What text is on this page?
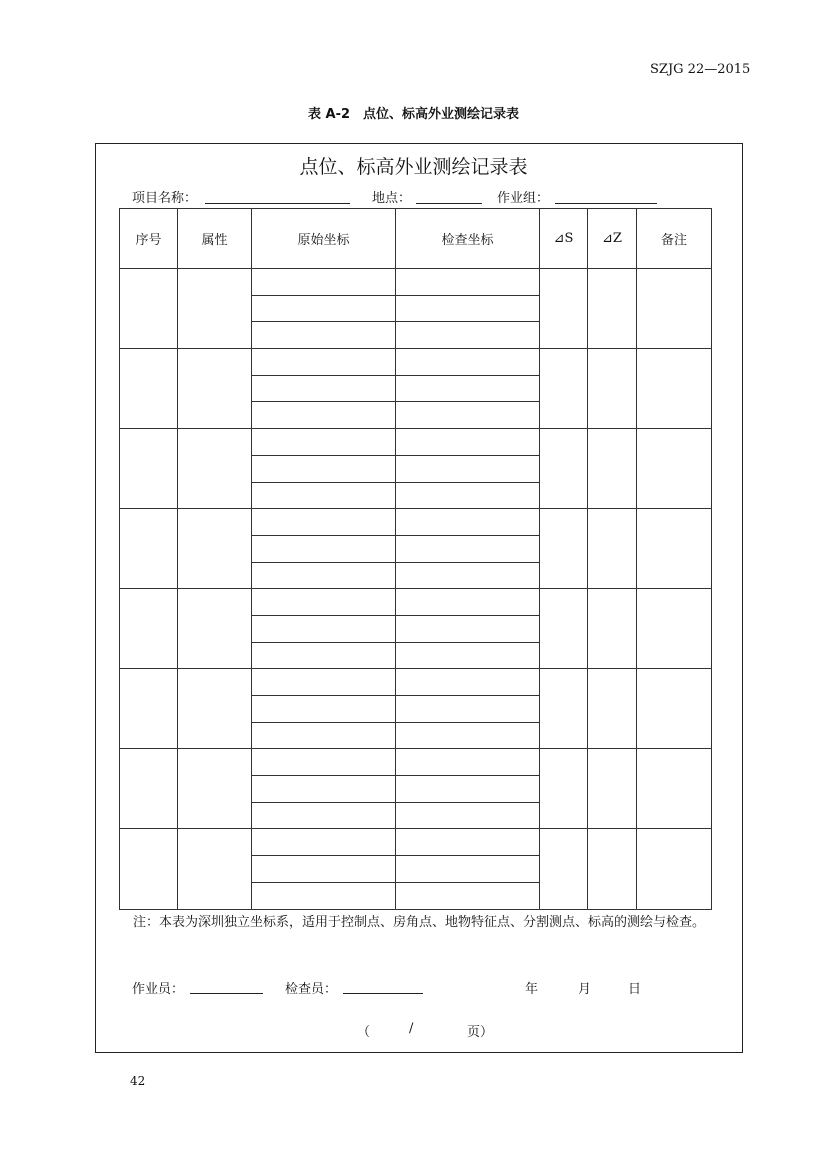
SZJG 22—2015
表 A-2　点位、标高外业测绘记录表
点位、标高外业测绘记录表
项目名称：	地点：	作业组：
序号	属性	原始坐标	检查坐标	⊿S	⊿Z	备注

注：本表为深圳独立坐标系，适用于控制点、房角点、地物特征点、分割测点、标高的测绘与检查。
作业员：	检查员：	年	月	日
（	/	页）
42
